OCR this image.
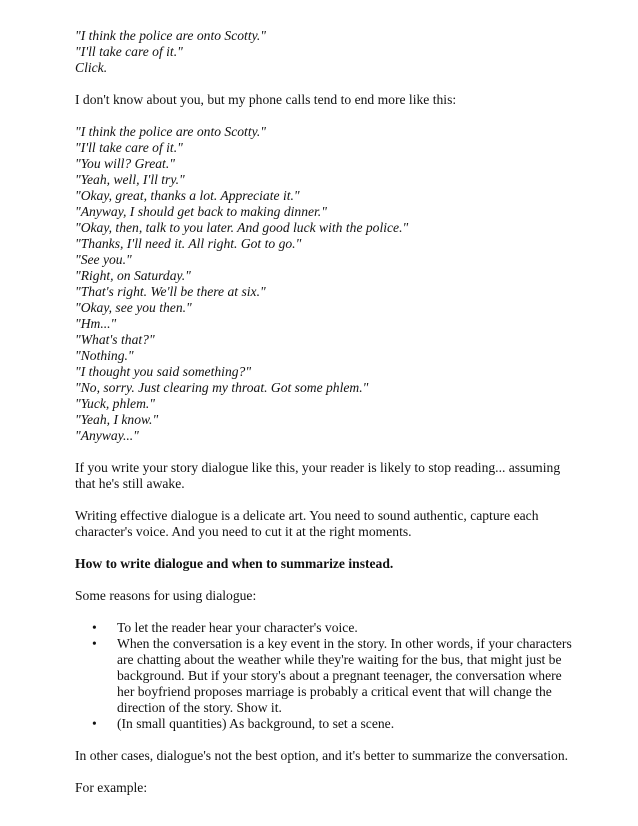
"I think the police are onto Scotty."
"I'll take care of it."
Click.

I don't know about you, but my phone calls tend to end more like this:

"I think the police are onto Scotty."
"I'll take care of it."
"You will? Great."
"Yeah, well, I'll try."
"Okay, great, thanks a lot. Appreciate it."
"Anyway, I should get back to making dinner."
"Okay, then, talk to you later. And good luck with the police."
"Thanks, I'll need it. All right. Got to go."
"See you."
"Right, on Saturday."
"That's right. We'll be there at six."
"Okay, see you then."
"Hm..."
"What's that?"
"Nothing."
"I thought you said something?"
"No, sorry. Just clearing my throat. Got some phlem."
"Yuck, phlem."
"Yeah, I know."
"Anyway..."

If you write your story dialogue like this, your reader is likely to stop reading... assuming that he's still awake.

Writing effective dialogue is a delicate art. You need to sound authentic, capture each character's voice. And you need to cut it at the right moments.

How to write dialogue and when to summarize instead.

Some reasons for using dialogue:

• To let the reader hear your character's voice.
• When the conversation is a key event in the story. In other words, if your characters are chatting about the weather while they're waiting for the bus, that might just be background. But if your story's about a pregnant teenager, the conversation where her boyfriend proposes marriage is probably a critical event that will change the direction of the story. Show it.
• (In small quantities) As background, to set a scene.

In other cases, dialogue's not the best option, and it's better to summarize the conversation.

For example:
